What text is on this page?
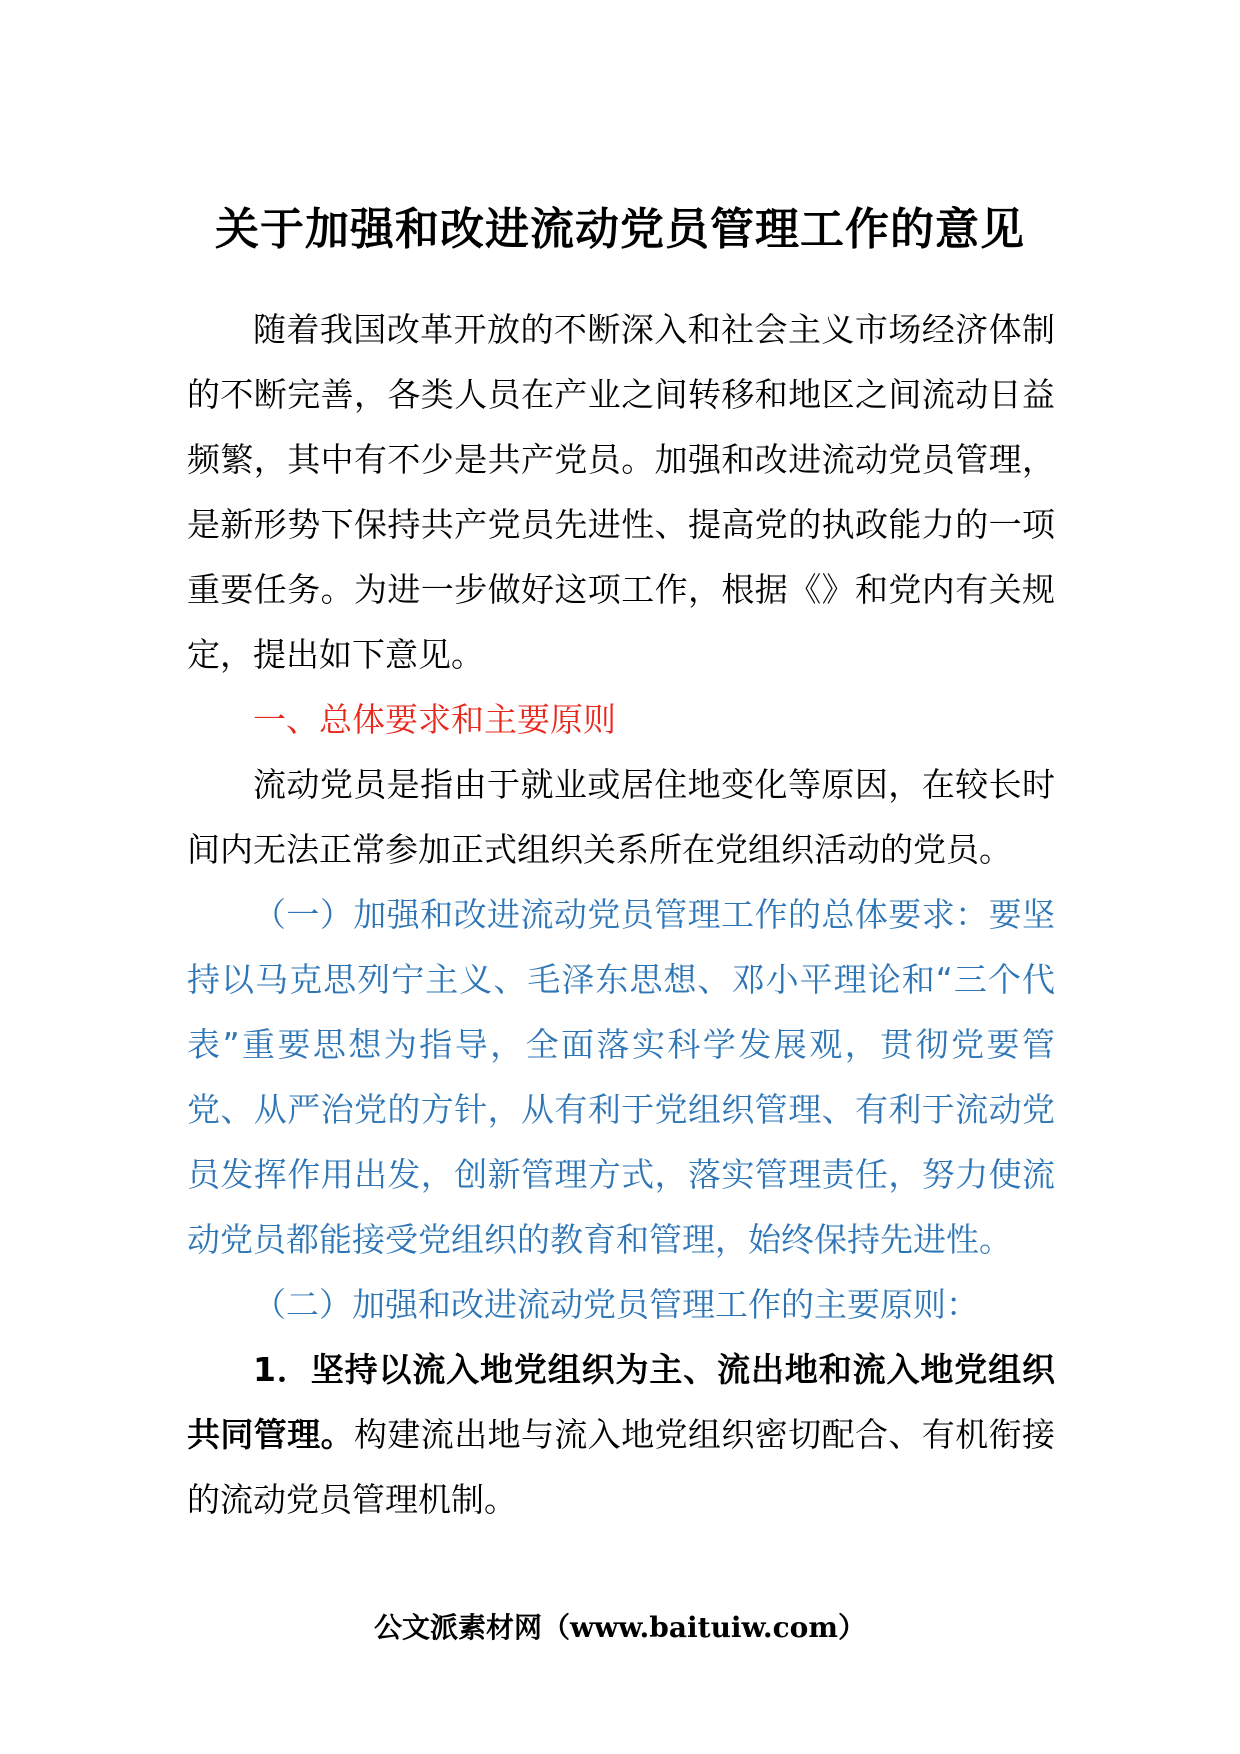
关于加强和改进流动党员管理工作的意见

随着我国改革开放的不断深入和社会主义市场经济体制的不断完善，各类人员在产业之间转移和地区之间流动日益频繁，其中有不少是共产党员。加强和改进流动党员管理，是新形势下保持共产党员先进性、提高党的执政能力的一项重要任务。为进一步做好这项工作，根据《》和党内有关规定，提出如下意见。

一、总体要求和主要原则

流动党员是指由于就业或居住地变化等原因，在较长时间内无法正常参加正式组织关系所在党组织活动的党员。

（一）加强和改进流动党员管理工作的总体要求：要坚持以马克思列宁主义、毛泽东思想、邓小平理论和“三个代表”重要思想为指导，全面落实科学发展观，贯彻党要管党、从严治党的方针，从有利于党组织管理、有利于流动党员发挥作用出发，创新管理方式，落实管理责任，努力使流动党员都能接受党组织的教育和管理，始终保持先进性。

（二）加强和改进流动党员管理工作的主要原则：

1．坚持以流入地党组织为主、流出地和流入地党组织共同管理。构建流出地与流入地党组织密切配合、有机衔接的流动党员管理机制。

公文派素材网（www.baituiw.com）
